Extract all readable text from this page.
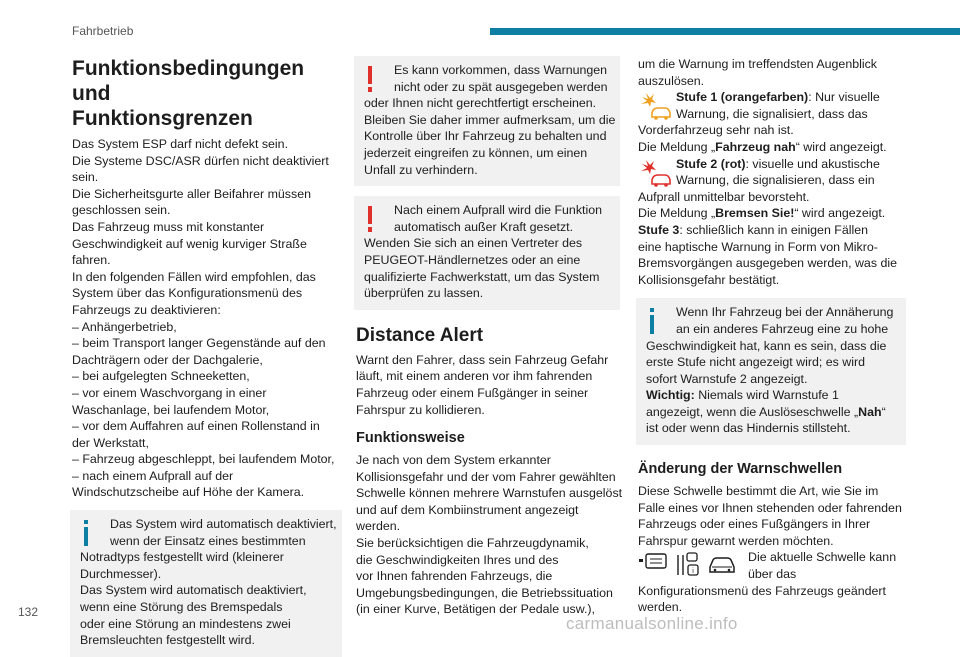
Fahrbetrieb
Funktionsbedingungen und
Funktionsgrenzen
Das System ESP darf nicht defekt sein.
Die Systeme DSC/ASR dürfen nicht deaktiviert
sein.
Die Sicherheitsgurte aller Beifahrer müssen
geschlossen sein.
Das Fahrzeug muss mit konstanter
Geschwindigkeit auf wenig kurviger Straße
fahren.
In den folgenden Fällen wird empfohlen, das
System über das Konfigurationsmenü des
Fahrzeugs zu deaktivieren:
– Anhängerbetrieb,
– beim Transport langer Gegenstände auf den
Dachträgern oder der Dachgalerie,
– bei aufgelegten Schneeketten,
– vor einem Waschvorgang in einer
Waschanlage, bei laufendem Motor,
– vor dem Auffahren auf einen Rollenstand in
der Werkstatt,
– Fahrzeug abgeschleppt, bei laufendem Motor,
– nach einem Aufprall auf der
Windschutzscheibe auf Höhe der Kamera.
Das System wird automatisch deaktiviert,
wenn der Einsatz eines bestimmten
Notradtyps festgestellt wird (kleinerer
Durchmesser).
Das System wird automatisch deaktiviert,
wenn eine Störung des Bremspedals
oder eine Störung an mindestens zwei
Bremsleuchten festgestellt wird.
Es kann vorkommen, dass Warnungen
nicht oder zu spät ausgegeben werden
oder Ihnen nicht gerechtfertigt erscheinen.
Bleiben Sie daher immer aufmerksam, um die
Kontrolle über Ihr Fahrzeug zu behalten und
jederzeit eingreifen zu können, um einen
Unfall zu verhindern.
Nach einem Aufprall wird die Funktion
automatisch außer Kraft gesetzt.
Wenden Sie sich an einen Vertreter des
PEUGEOT-Händlernetzes oder an eine
qualifizierte Fachwerkstatt, um das System
überprüfen zu lassen.
Distance Alert
Warnt den Fahrer, dass sein Fahrzeug Gefahr
läuft, mit einem anderen vor ihm fahrenden
Fahrzeug oder einem Fußgänger in seiner
Fahrspur zu kollidieren.
Funktionsweise
Je nach von dem System erkannter
Kollisionsgefahr und der vom Fahrer gewählten
Schwelle können mehrere Warnstufen ausgelöst
und auf dem Kombiinstrument angezeigt
werden.
Sie berücksichtigen die Fahrzeugdynamik,
die Geschwindigkeiten Ihres und des
vor Ihnen fahrenden Fahrzeugs, die
Umgebungsbedingungen, die Betriebssituation
(in einer Kurve, Betätigen der Pedale usw.),
um die Warnung im treffendsten Augenblick
auszulösen.
Stufe 1 (orangefarben): Nur visuelle
Warnung, die signalisiert, dass das
Vorderfahrzeug sehr nah ist.
Die Meldung „Fahrzeug nah“ wird angezeigt.
Stufe 2 (rot): visuelle und akustische
Warnung, die signalisieren, dass ein
Aufprall unmittelbar bevorsteht.
Die Meldung „Bremsen Sie!“ wird angezeigt.
Stufe 3: schließlich kann in einigen Fällen
eine haptische Warnung in Form von Mikro-
Bremsvorgängen ausgegeben werden, was die
Kollisionsgefahr bestätigt.
Wenn Ihr Fahrzeug bei der Annäherung
an ein anderes Fahrzeug eine zu hohe
Geschwindigkeit hat, kann es sein, dass die
erste Stufe nicht angezeigt wird; es wird
sofort Warnstufe 2 angezeigt.
Wichtig: Niemals wird Warnstufe 1
angezeigt, wenn die Auslöseschwelle „Nah“
ist oder wenn das Hindernis stillsteht.
Änderung der Warnschwellen
Diese Schwelle bestimmt die Art, wie Sie im
Falle eines vor Ihnen stehenden oder fahrenden
Fahrzeugs oder eines Fußgängers in Ihrer
Fahrspur gewarnt werden möchten.
i
Die aktuelle Schwelle kann
über das
Konfigurationsmenü des Fahrzeugs geändert
werden.
132
carmanualsonline.info
